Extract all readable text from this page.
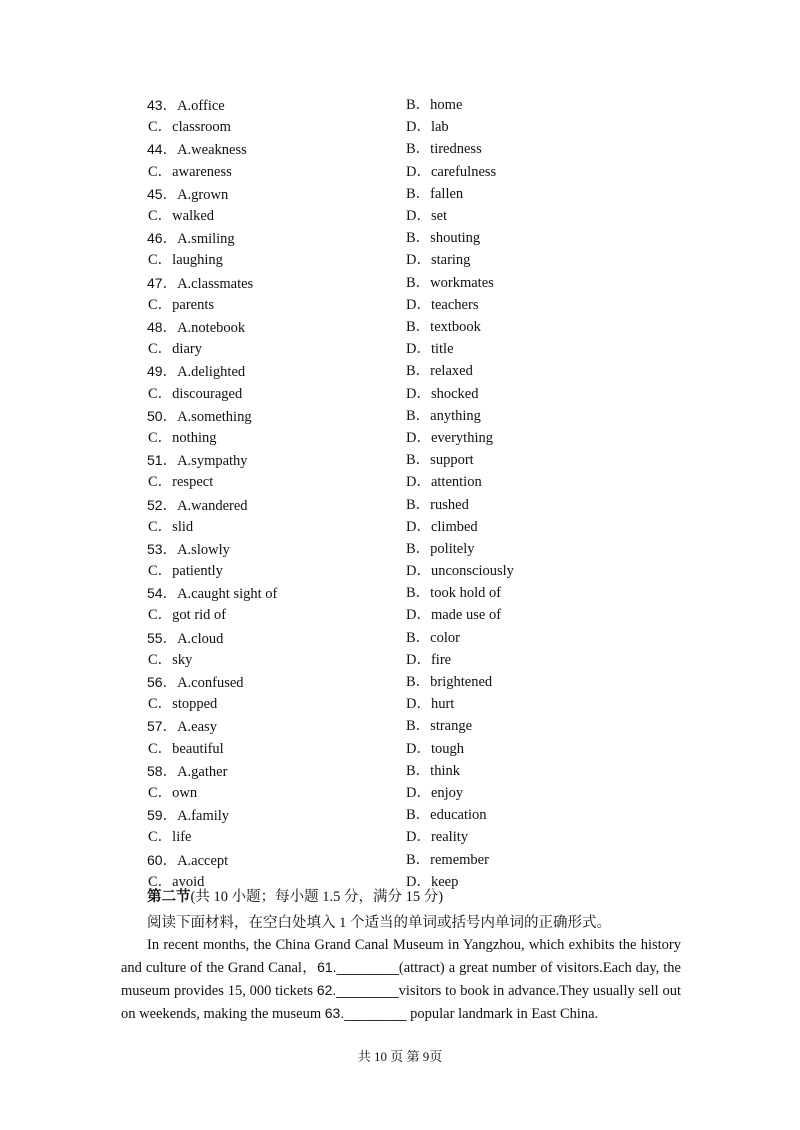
43．A.office	B．home
C．classroom	D．lab
44．A.weakness	B．tiredness
C．awareness	D．carefulness
45．A.grown	B．fallen
C．walked	D．set
46．A.smiling	B．shouting
C．laughing	D．staring
47．A.classmates	B．workmates
C．parents	D．teachers
48．A.notebook	B．textbook
C．diary	D．title
49．A.delighted	B．relaxed
C．discouraged	D．shocked
50．A.something	B．anything
C．nothing	D．everything
51．A.sympathy	B．support
C．respect	D．attention
52．A.wandered	B．rushed
C．slid	D．climbed
53．A.slowly	B．politely
C．patiently	D．unconsciously
54．A.caught sight of	B．took hold of
C．got rid of	D．made use of
55．A.cloud	B．color
C．sky	D．fire
56．A.confused	B．brightened
C．stopped	D．hurt
57．A.easy	B．strange
C．beautiful	D．tough
58．A.gather	B．think
C．own	D．enjoy
59．A.family	B．education
C．life	D．reality
60．A.accept	B．remember
C．avoid	D．keep
第二节(共 10 小题；每小题 1.5 分，满分 15 分)
阅读下面材料，在空白处填入 1 个适当的单词或括号内单词的正确形式。

In recent months, the China Grand Canal Museum in Yangzhou, which exhibits the history and culture of the Grand Canal，61.________(attract) a great number of visitors.Each day, the museum provides 15, 000 tickets 62.________visitors to book in advance.They usually sell out on weekends, making the museum 63.________ popular landmark in East China.

共 10 页 第 9页
